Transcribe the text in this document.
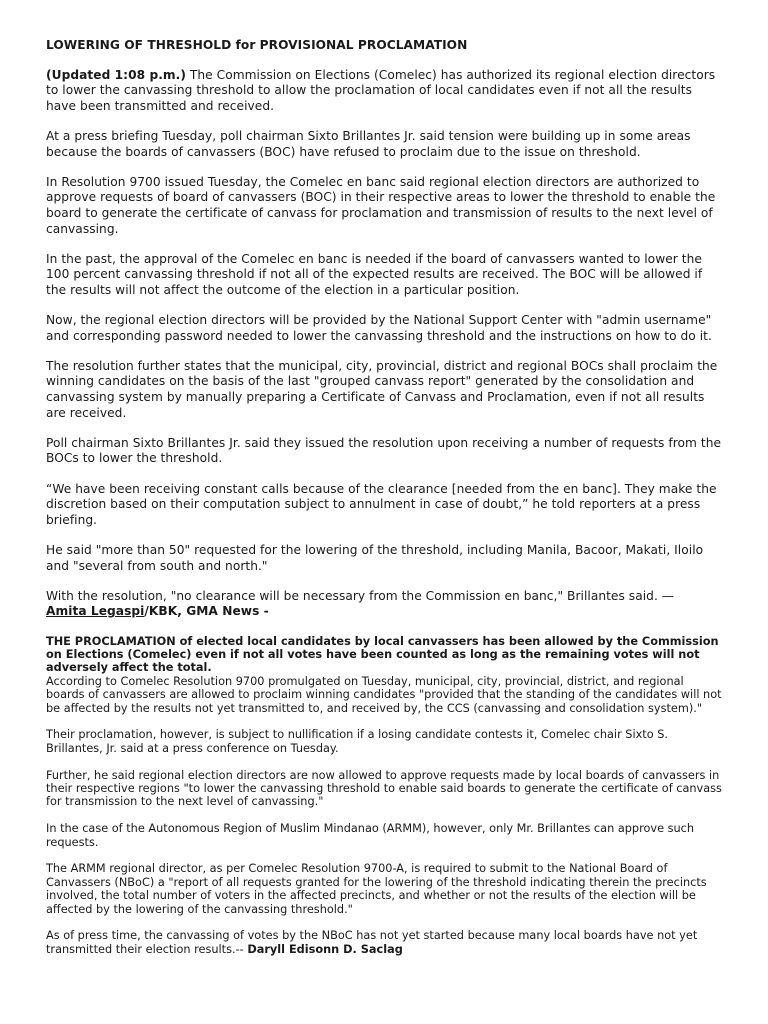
LOWERING OF THRESHOLD for PROVISIONAL PROCLAMATION

(Updated 1:08 p.m.) The Commission on Elections (Comelec) has authorized its regional election directors to lower the canvassing threshold to allow the proclamation of local candidates even if not all the results have been transmitted and received.

At a press briefing Tuesday, poll chairman Sixto Brillantes Jr. said tension were building up in some areas because the boards of canvassers (BOC) have refused to proclaim due to the issue on threshold.

In Resolution 9700 issued Tuesday, the Comelec en banc said regional election directors are authorized to approve requests of board of canvassers (BOC) in their respective areas to lower the threshold to enable the board to generate the certificate of canvass for proclamation and transmission of results to the next level of canvassing.

In the past, the approval of the Comelec en banc is needed if the board of canvassers wanted to lower the 100 percent canvassing threshold if not all of the expected results are received. The BOC will be allowed if the results will not affect the outcome of the election in a particular position.

Now, the regional election directors will be provided by the National Support Center with "admin username" and corresponding password needed to lower the canvassing threshold and the instructions on how to do it.

The resolution further states that the municipal, city, provincial, district and regional BOCs shall proclaim the winning candidates on the basis of the last "grouped canvass report" generated by the consolidation and canvassing system by manually preparing a Certificate of Canvass and Proclamation, even if not all results are received.

Poll chairman Sixto Brillantes Jr. said they issued the resolution upon receiving a number of requests from the BOCs to lower the threshold.

“We have been receiving constant calls because of the clearance [needed from the en banc]. They make the discretion based on their computation subject to annulment in case of doubt,” he told reporters at a press briefing.

He said "more than 50" requested for the lowering of the threshold, including Manila, Bacoor, Makati, Iloilo and "several from south and north."

With the resolution, "no clearance will be necessary from the Commission en banc," Brillantes said. —
Amita Legaspi/KBK, GMA News -

THE PROCLAMATION of elected local candidates by local canvassers has been allowed by the Commission on Elections (Comelec) even if not all votes have been counted as long as the remaining votes will not adversely affect the total.

According to Comelec Resolution 9700 promulgated on Tuesday, municipal, city, provincial, district, and regional boards of canvassers are allowed to proclaim winning candidates "provided that the standing of the candidates will not be affected by the results not yet transmitted to, and received by, the CCS (canvassing and consolidation system)."

Their proclamation, however, is subject to nullification if a losing candidate contests it, Comelec chair Sixto S. Brillantes, Jr. said at a press conference on Tuesday.

Further, he said regional election directors are now allowed to approve requests made by local boards of canvassers in their respective regions "to lower the canvassing threshold to enable said boards to generate the certificate of canvass for transmission to the next level of canvassing."

In the case of the Autonomous Region of Muslim Mindanao (ARMM), however, only Mr. Brillantes can approve such requests.

The ARMM regional director, as per Comelec Resolution 9700-A, is required to submit to the National Board of Canvassers (NBoC) a "report of all requests granted for the lowering of the threshold indicating therein the precincts involved, the total number of voters in the affected precincts, and whether or not the results of the election will be affected by the lowering of the canvassing threshold."

As of press time, the canvassing of votes by the NBoC has not yet started because many local boards have not yet transmitted their election results.-- Daryll Edisonn D. Saclag
